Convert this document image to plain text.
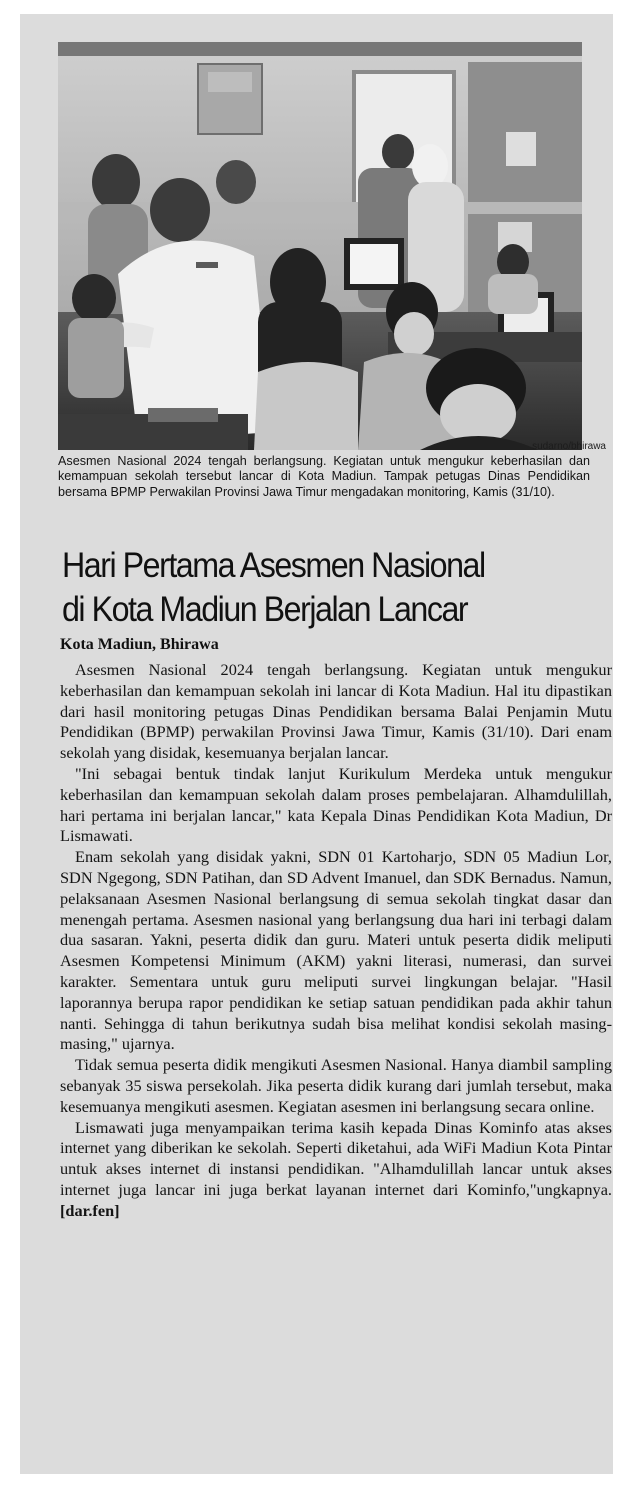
sudarno/bhirawa
Asesmen Nasional 2024 tengah berlangsung. Kegiatan untuk mengukur keberhasilan dan kemampuan sekolah tersebut lancar di Kota Madiun. Tampak petugas Dinas Pendidikan bersama BPMP Perwakilan Provinsi Jawa Timur mengadakan monitoring, Kamis (31/10).
Hari Pertama Asesmen Nasional
di Kota Madiun Berjalan Lancar
Kota Madiun, Bhirawa

Asesmen Nasional 2024 tengah berlangsung. Kegiatan untuk mengukur keberhasilan dan kemampuan sekolah ini lancar di Kota Madiun. Hal itu dipastikan dari hasil monitoring petugas Dinas Pendidikan bersama Balai Penjamin Mutu Pendidikan (BPMP) perwakilan Provinsi Jawa Timur, Kamis (31/10). Dari enam sekolah yang disidak, kesemuanya berjalan lancar.

"Ini sebagai bentuk tindak lanjut Kurikulum Merdeka untuk mengukur keberhasilan dan kemampuan sekolah dalam proses pembelajaran. Alhamdulillah, hari pertama ini berjalan lancar," kata Kepala Dinas Pendidikan Kota Madiun, Dr Lismawati.

Enam sekolah yang disidak yakni, SDN 01 Kartoharjo, SDN 05 Madiun Lor, SDN Ngegong, SDN Patihan, dan SD Advent Imanuel, dan SDK Bernadus. Namun, pelaksanaan Asesmen Nasional berlangsung di semua sekolah tingkat dasar dan menengah pertama. Asesmen nasional yang berlangsung dua hari ini terbagi dalam dua sasaran. Yakni, peserta didik dan guru. Materi untuk peserta didik meliputi Asesmen Kompetensi Minimum (AKM) yakni literasi, numerasi, dan survei karakter. Sementara untuk guru meliputi survei lingkungan belajar. "Hasil laporannya berupa rapor pendidikan ke setiap satuan pendidikan pada akhir tahun nanti. Sehingga di tahun berikutnya sudah bisa melihat kondisi sekolah masing-masing," ujarnya.

Tidak semua peserta didik mengikuti Asesmen Nasional. Hanya diambil sampling sebanyak 35 siswa persekolah. Jika peserta didik kurang dari jumlah tersebut, maka kesemuanya mengikuti asesmen. Kegiatan asesmen ini berlangsung secara online.

Lismawati juga menyampaikan terima kasih kepada Dinas Kominfo atas akses internet yang diberikan ke sekolah. Seperti diketahui, ada WiFi Madiun Kota Pintar untuk akses internet di instansi pendidikan. "Alhamdulillah lancar untuk akses internet juga lancar ini juga berkat layanan internet dari Kominfo,"ungkapnya. [dar.fen]
